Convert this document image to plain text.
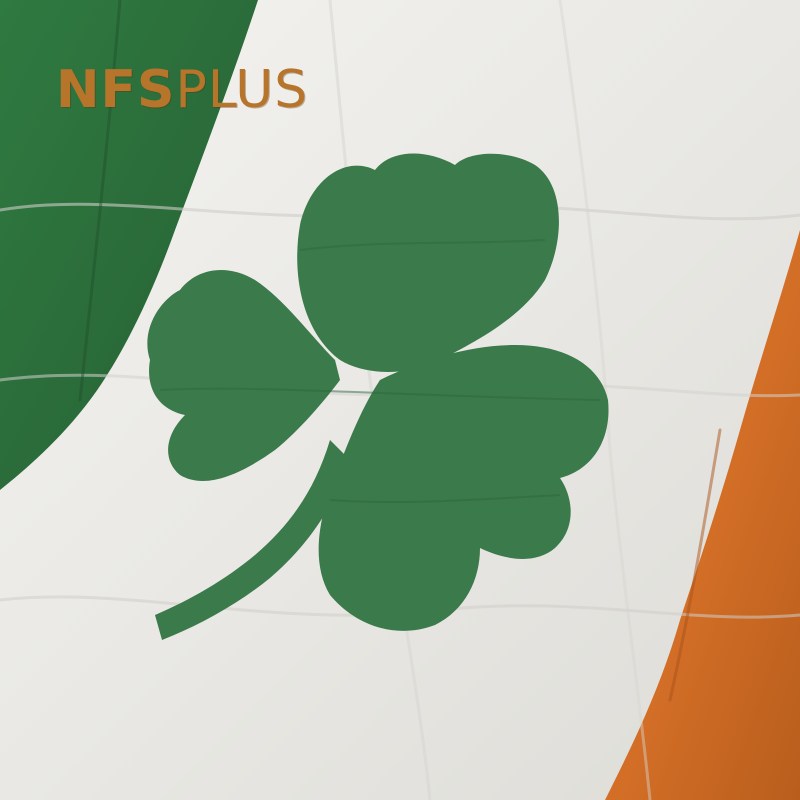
NFSPLUS
